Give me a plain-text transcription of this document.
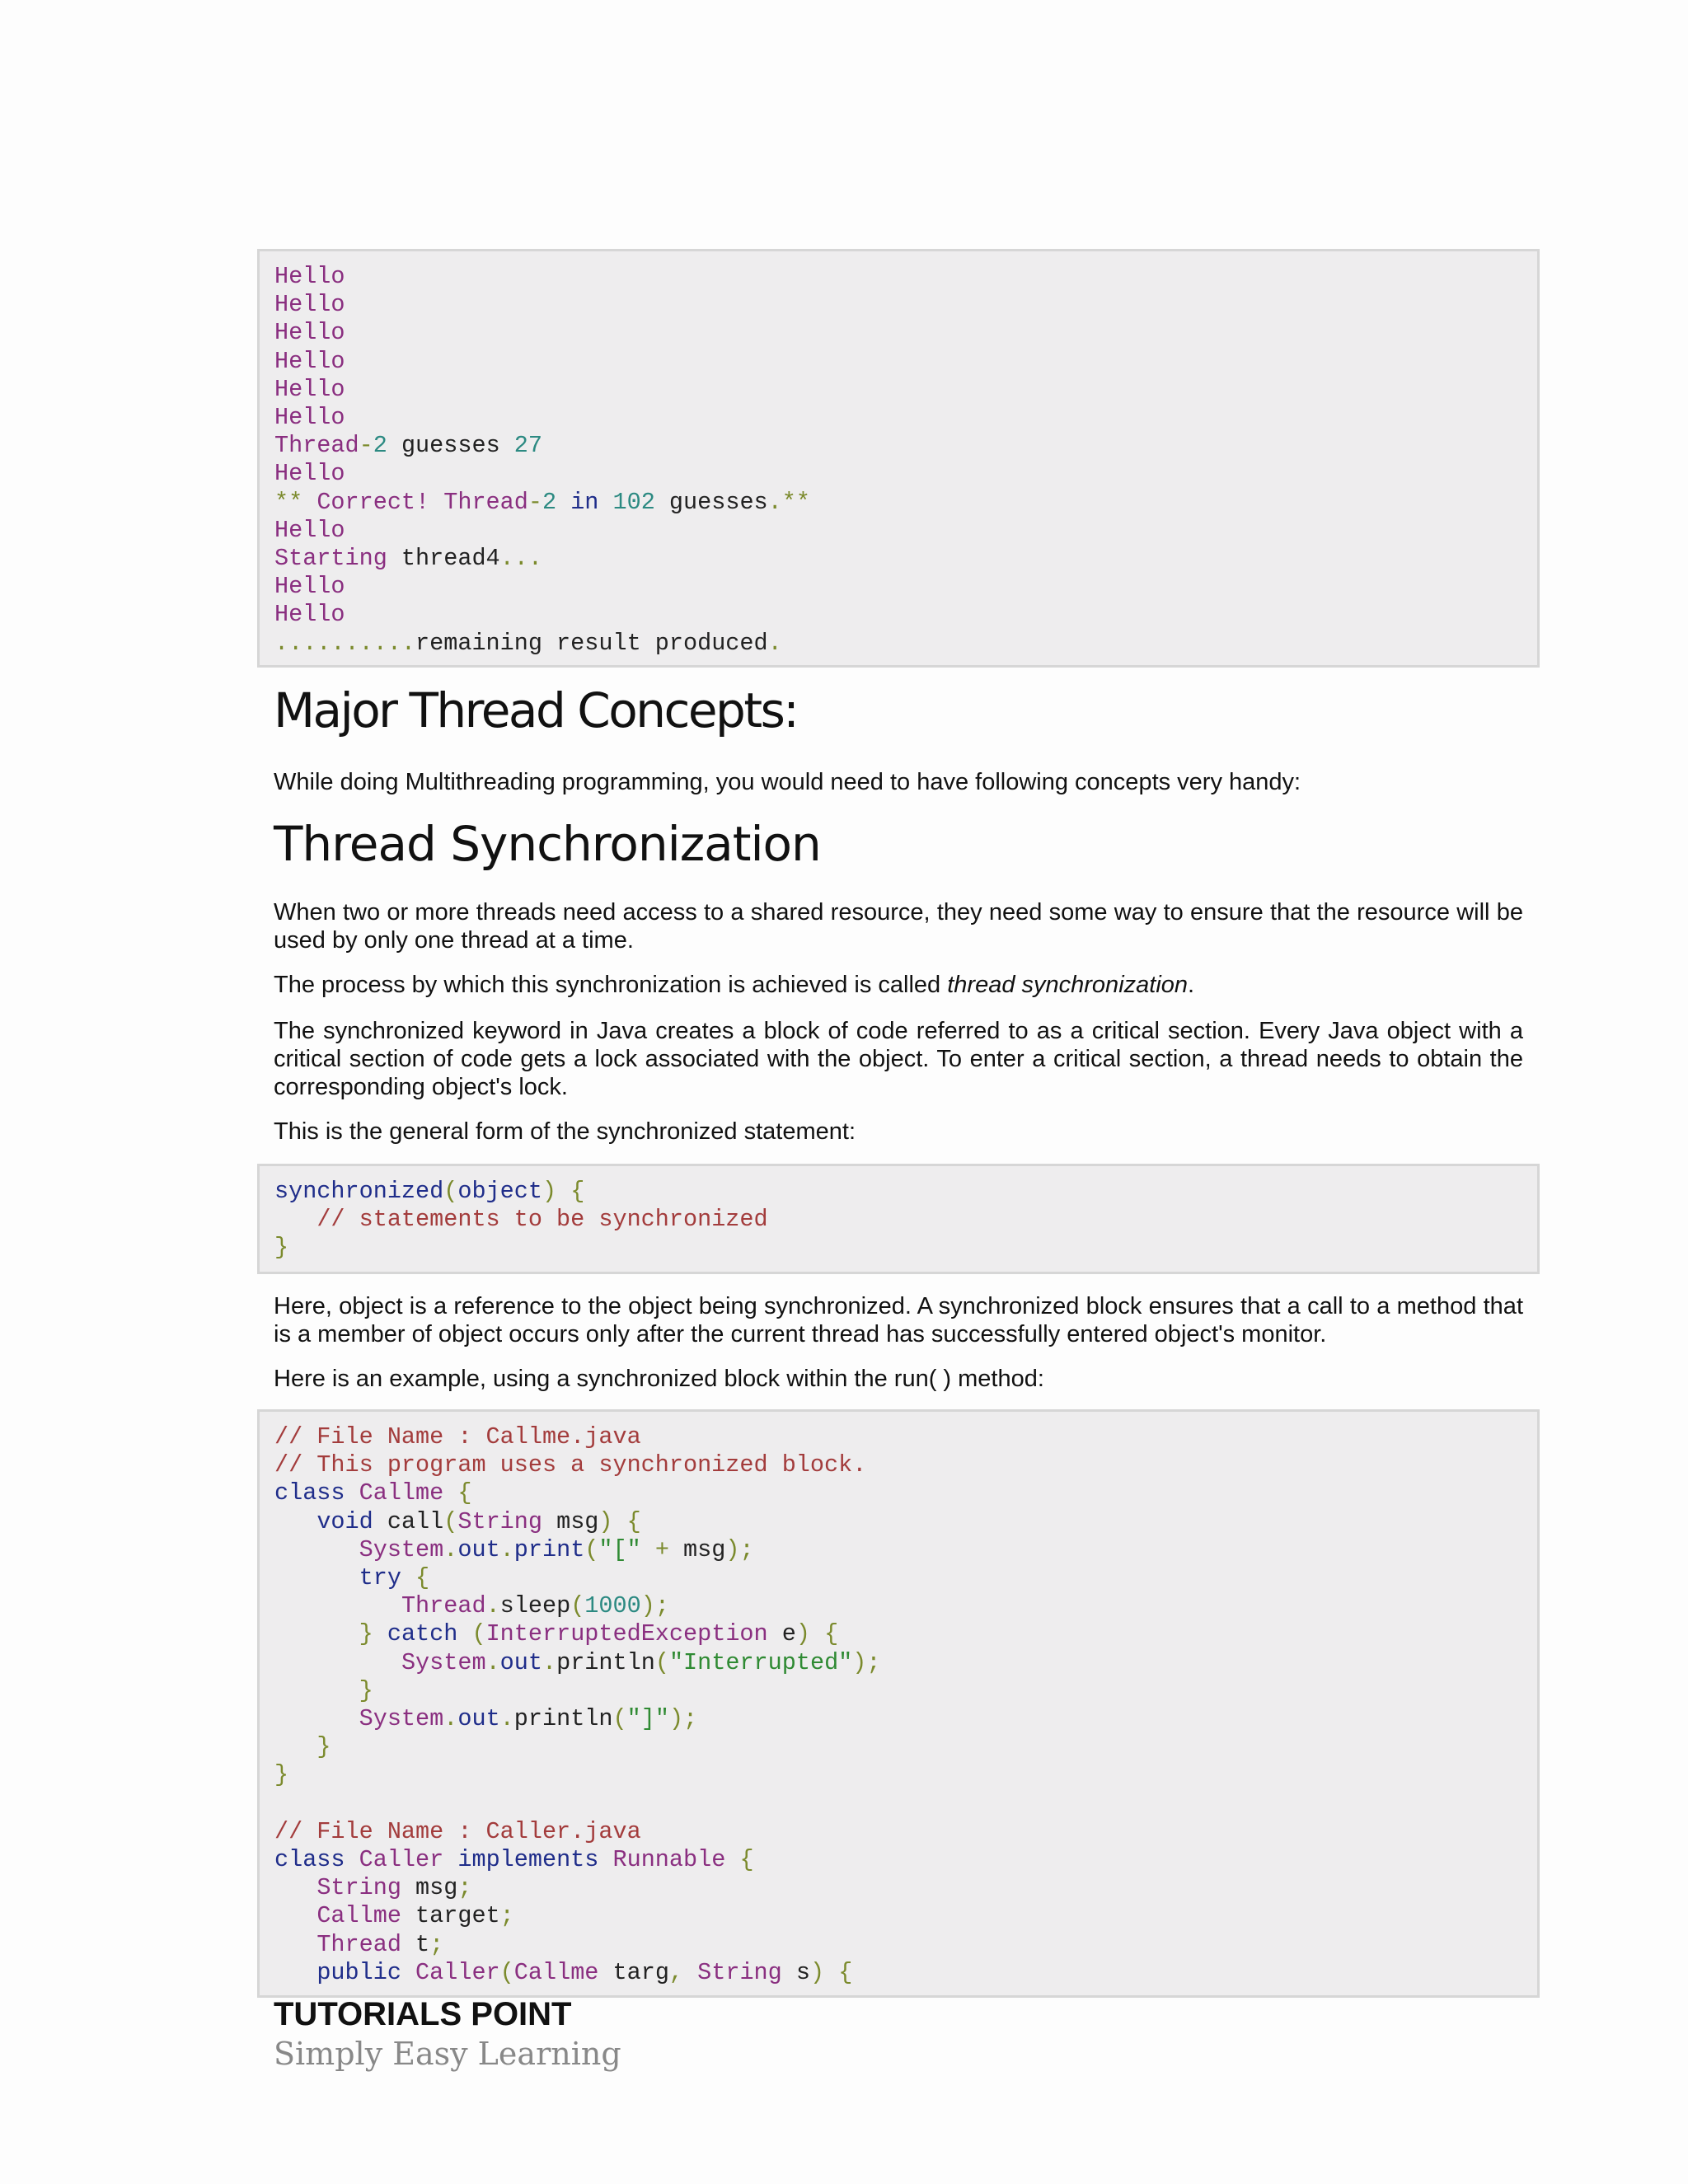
Hello
Hello
Hello
Hello
Hello
Hello
Thread-2 guesses 27
Hello
** Correct! Thread-2 in 102 guesses.**
Hello
Starting thread4...
Hello
Hello
..........remaining result produced.
Major Thread Concepts:

While doing Multithreading programming, you would need to have following concepts very handy:

Thread Synchronization

When two or more threads need access to a shared resource, they need some way to ensure that the resource will be used by only one thread at a time.

The process by which this synchronization is achieved is called thread synchronization.

The synchronized keyword in Java creates a block of code referred to as a critical section. Every Java object with a critical section of code gets a lock associated with the object. To enter a critical section, a thread needs to obtain the corresponding object's lock.

This is the general form of the synchronized statement:

synchronized(object) {
// statements to be synchronized
}

Here, object is a reference to the object being synchronized. A synchronized block ensures that a call to a method that is a member of object occurs only after the current thread has successfully entered object's monitor.

Here is an example, using a synchronized block within the run( ) method:

// File Name : Callme.java
// This program uses a synchronized block.
class Callme {
void call(String msg) {
System.out.print("[" + msg);
try {
Thread.sleep(1000);
} catch (InterruptedException e) {
System.out.println("Interrupted");
}
System.out.println("]");
}
}

// File Name : Caller.java
class Caller implements Runnable {
String msg;
Callme target;
Thread t;
public Caller(Callme targ, String s) {
TUTORIALS POINT
Simply Easy Learning
